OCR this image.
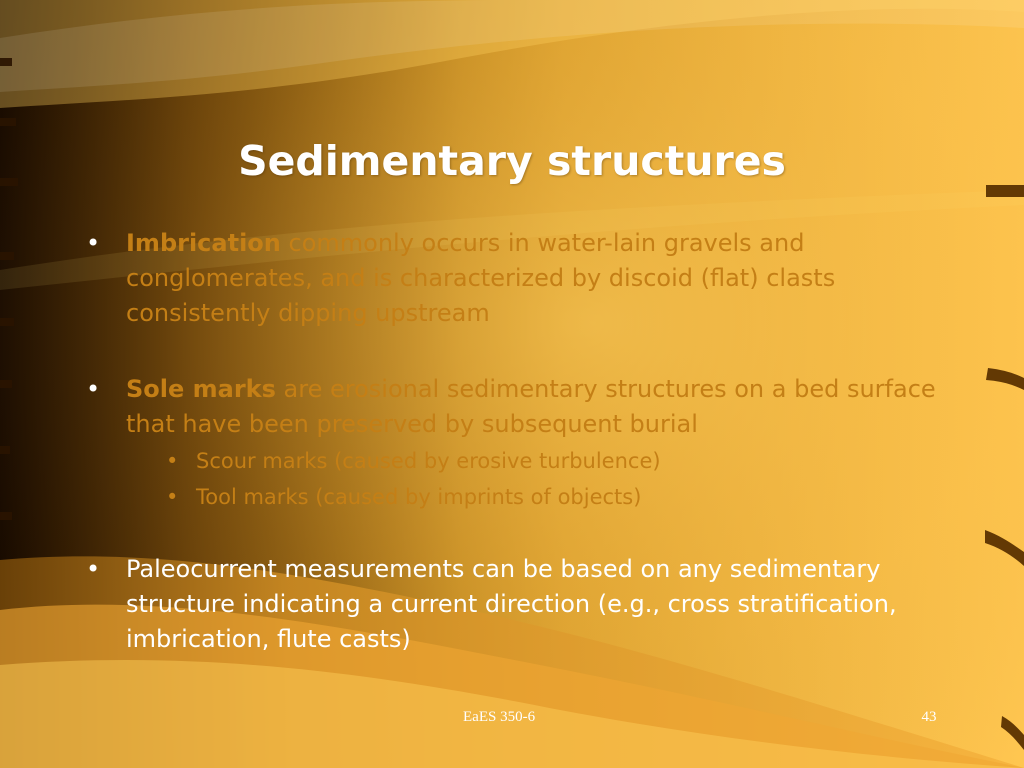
Sedimentary structures

• Imbrication commonly occurs in water-lain gravels and conglomerates, and is characterized by discoid (flat) clasts consistently dipping upstream

• Sole marks are erosional sedimentary structures on a bed surface that have been preserved by subsequent burial
• Scour marks (caused by erosive turbulence)
• Tool marks (caused by imprints of objects)

• Paleocurrent measurements can be based on any sedimentary structure indicating a current direction (e.g., cross stratification, imbrication, flute casts)

EaES 350-6	43
